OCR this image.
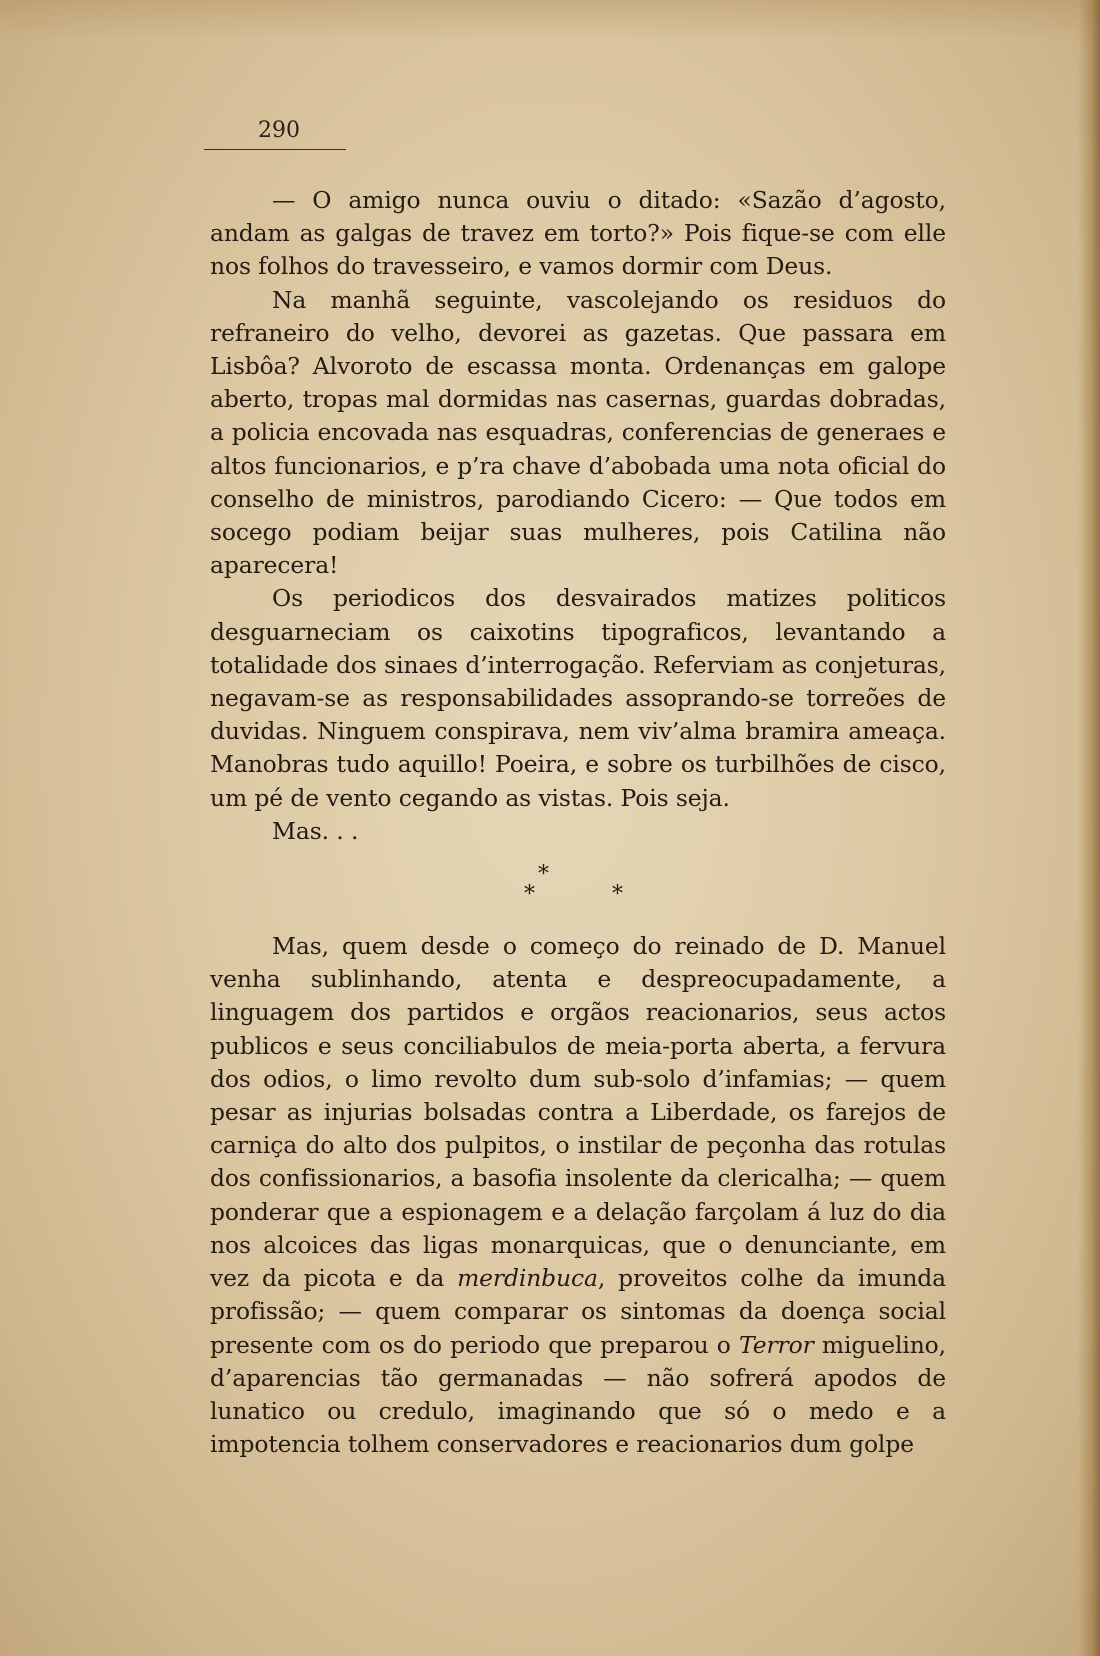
290

— O amigo nunca ouviu o ditado: «Sazão d’agosto, andam as galgas de travez em torto?» Pois fique-se com elle nos folhos do travesseiro, e vamos dormir com Deus.

Na manhã seguinte, vascolejando os residuos do refraneiro do velho, devorei as gazetas. Que passara em Lisbôa? Alvoroto de escassa monta. Ordenanças em galope aberto, tropas mal dormidas nas casernas, guardas dobradas, a policia encovada nas esquadras, conferencias de generaes e altos funcionarios, e p’ra chave d’abobada uma nota oficial do conselho de ministros, parodiando Cicero: — Que todos em socego podiam beijar suas mulheres, pois Catilina não aparecera!

Os periodicos dos desvairados matizes politicos desguarneciam os caixotins tipograficos, levantando a totalidade dos sinaes d’interrogação. Referviam as conjeturas, negavam-se as responsabilidades assoprando-se torreões de duvidas. Ninguem conspirava, nem viv’alma bramira ameaça. Manobras tudo aquillo! Poeira, e sobre os turbilhões de cisco, um pé de vento cegando as vistas. Pois seja.

Mas. . .

*
*	*

Mas, quem desde o começo do reinado de D. Manuel venha sublinhando, atenta e despreocupadamente, a linguagem dos partidos e orgãos reacionarios, seus actos publicos e seus conciliabulos de meia-porta aberta, a fervura dos odios, o limo revolto dum sub-solo d’infamias; — quem pesar as injurias bolsadas contra a Liberdade, os farejos de carniça do alto dos pulpitos, o instilar de peçonha das rotulas dos confissionarios, a basofia insolente da clericalha; — quem ponderar que a espionagem e a delação farçolam á luz do dia nos alcoices das ligas monarquicas, que o denunciante, em vez da picota e da merdinbuca, proveitos colhe da imunda profissão; — quem comparar os sintomas da doença social presente com os do periodo que preparou o Terror miguelino, d’aparencias tão germanadas — não sofrerá apodos de lunatico ou credulo, imaginando que só o medo e a impotencia tolhem conservadores e reacionarios dum golpe
